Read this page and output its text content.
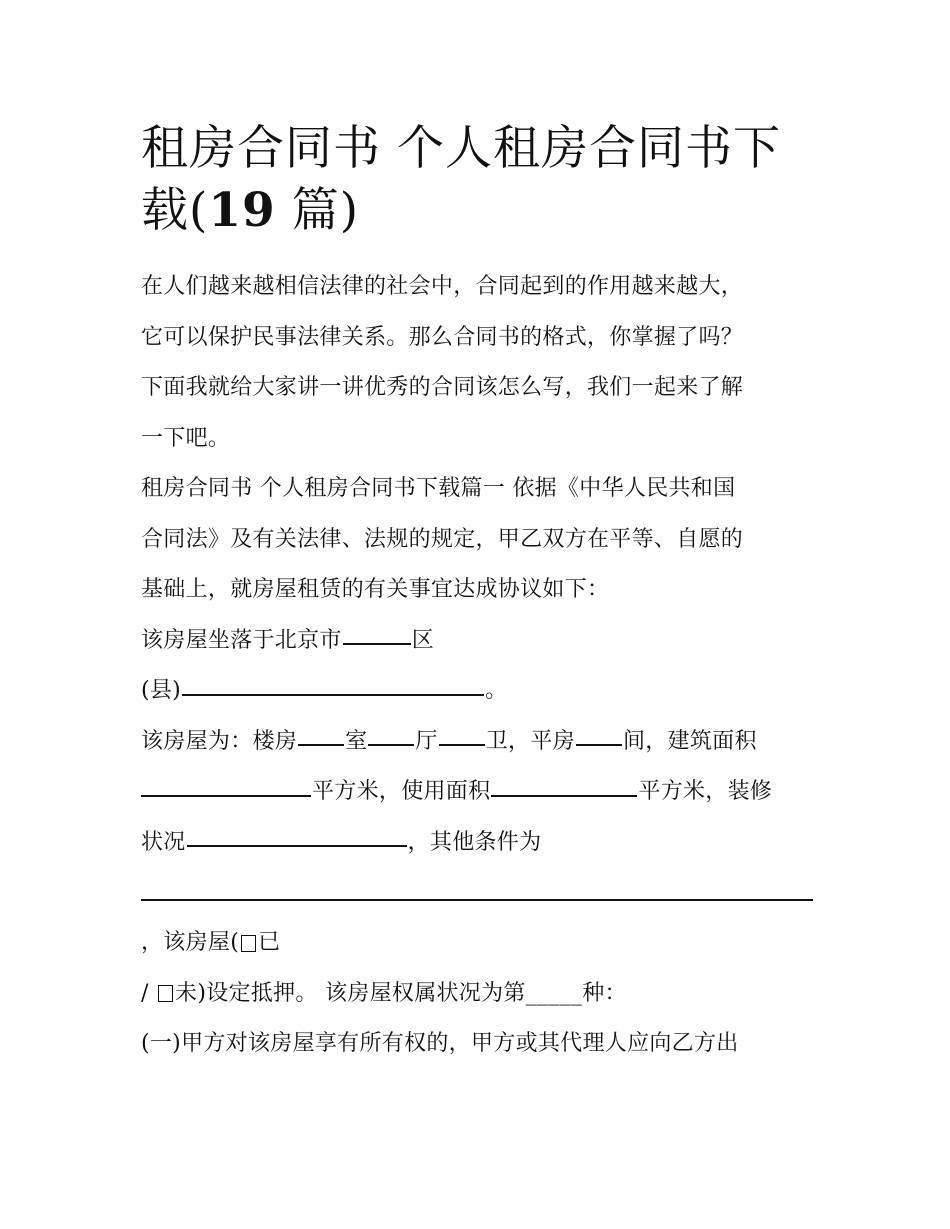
租房合同书 个人租房合同书下
载(19 篇)

在人们越来越相信法律的社会中，合同起到的作用越来越大，

它可以保护民事法律关系。那么合同书的格式，你掌握了吗？

下面我就给大家讲一讲优秀的合同该怎么写，我们一起来了解

一下吧。

租房合同书 个人租房合同书下载篇一 依据《中华人民共和国

合同法》及有关法律、法规的规定，甲乙双方在平等、自愿的

基础上，就房屋租赁的有关事宜达成协议如下：

该房屋坐落于北京市	区

(县)	。

该房屋为：楼房 室 厅 卫，平房 间，建筑面积

平方米，使用面积	平方米，装修

状况	，其他条件为

，该房屋( 已

/ 未)设定抵押。 该房屋权属状况为第_____种：

(一)甲方对该房屋享有所有权的，甲方或其代理人应向乙方出
